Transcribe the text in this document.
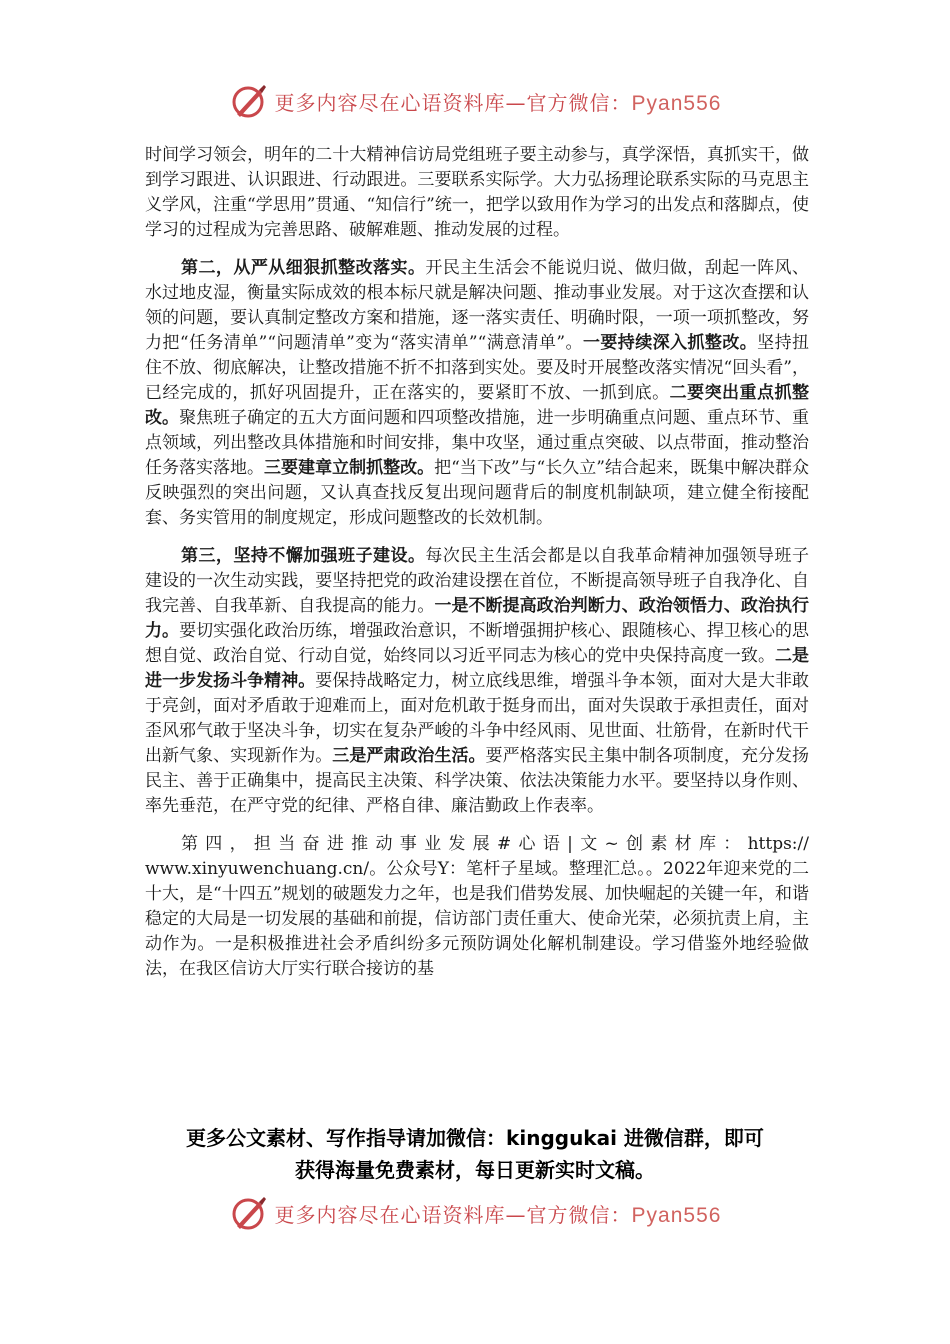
更多内容尽在心语资料库—官方微信：Pyan556

时间学习领会，明年的二十大精神信访局党组班子要主动参与，真学深悟，真抓实干，做到学习跟进、认识跟进、行动跟进。三要联系实际学。大力弘扬理论联系实际的马克思主义学风，注重“学思用”贯通、“知信行”统一，把学以致用作为学习的出发点和落脚点，使学习的过程成为完善思路、破解难题、推动发展的过程。

第二，从严从细狠抓整改落实。开民主生活会不能说归说、做归做，刮起一阵风、水过地皮湿，衡量实际成效的根本标尺就是解决问题、推动事业发展。对于这次查摆和认领的问题，要认真制定整改方案和措施，逐一落实责任、明确时限，一项一项抓整改，努力把“任务清单”“问题清单”变为“落实清单”“满意清单”。一要持续深入抓整改。坚持扭住不放、彻底解决，让整改措施不折不扣落到实处。要及时开展整改落实情况“回头看”，已经完成的，抓好巩固提升，正在落实的，要紧盯不放、一抓到底。二要突出重点抓整改。聚焦班子确定的五大方面问题和四项整改措施，进一步明确重点问题、重点环节、重点领域，列出整改具体措施和时间安排，集中攻坚，通过重点突破、以点带面，推动整治任务落实落地。三要建章立制抓整改。把“当下改”与“长久立”结合起来，既集中解决群众反映强烈的突出问题，又认真查找反复出现问题背后的制度机制缺项，建立健全衔接配套、务实管用的制度规定，形成问题整改的长效机制。

第三，坚持不懈加强班子建设。每次民主生活会都是以自我革命精神加强领导班子建设的一次生动实践，要坚持把党的政治建设摆在首位，不断提高领导班子自我净化、自我完善、自我革新、自我提高的能力。一是不断提高政治判断力、政治领悟力、政治执行力。要切实强化政治历练，增强政治意识，不断增强拥护核心、跟随核心、捍卫核心的思想自觉、政治自觉、行动自觉，始终同以习近平同志为核心的党中央保持高度一致。二是进一步发扬斗争精神。要保持战略定力，树立底线思维，增强斗争本领，面对大是大非敢于亮剑，面对矛盾敢于迎难而上，面对危机敢于挺身而出，面对失误敢于承担责任，面对歪风邪气敢于坚决斗争，切实在复杂严峻的斗争中经风雨、见世面、壮筋骨，在新时代干出新气象、实现新作为。三是严肃政治生活。要严格落实民主集中制各项制度，充分发扬民主、善于正确集中，提高民主决策、科学决策、依法决策能力水平。要坚持以身作则、率先垂范，在严守党的纪律、严格自律、廉洁勤政上作表率。

第四，担当奋进推动事业发展#心语|文~创素材库：https://

www.xinyuwenchuang.cn/。公众号Y：笔杆子星域。整理汇总。。2022年迎来党的二十大，是“十四五”规划的破题发力之年，也是我们借势发展、加快崛起的关键一年，和谐稳定的大局是一切发展的基础和前提，信访部门责任重大、使命光荣，必须抗责上肩，主动作为。一是积极推进社会矛盾纠纷多元预防调处化解机制建设。学习借鉴外地经验做法，在我区信访大厅实行联合接访的基

更多公文素材、写作指导请加微信：kinggukai 进微信群，即可
获得海量免费素材，每日更新实时文稿。
更多内容尽在心语资料库—官方微信：Pyan556
